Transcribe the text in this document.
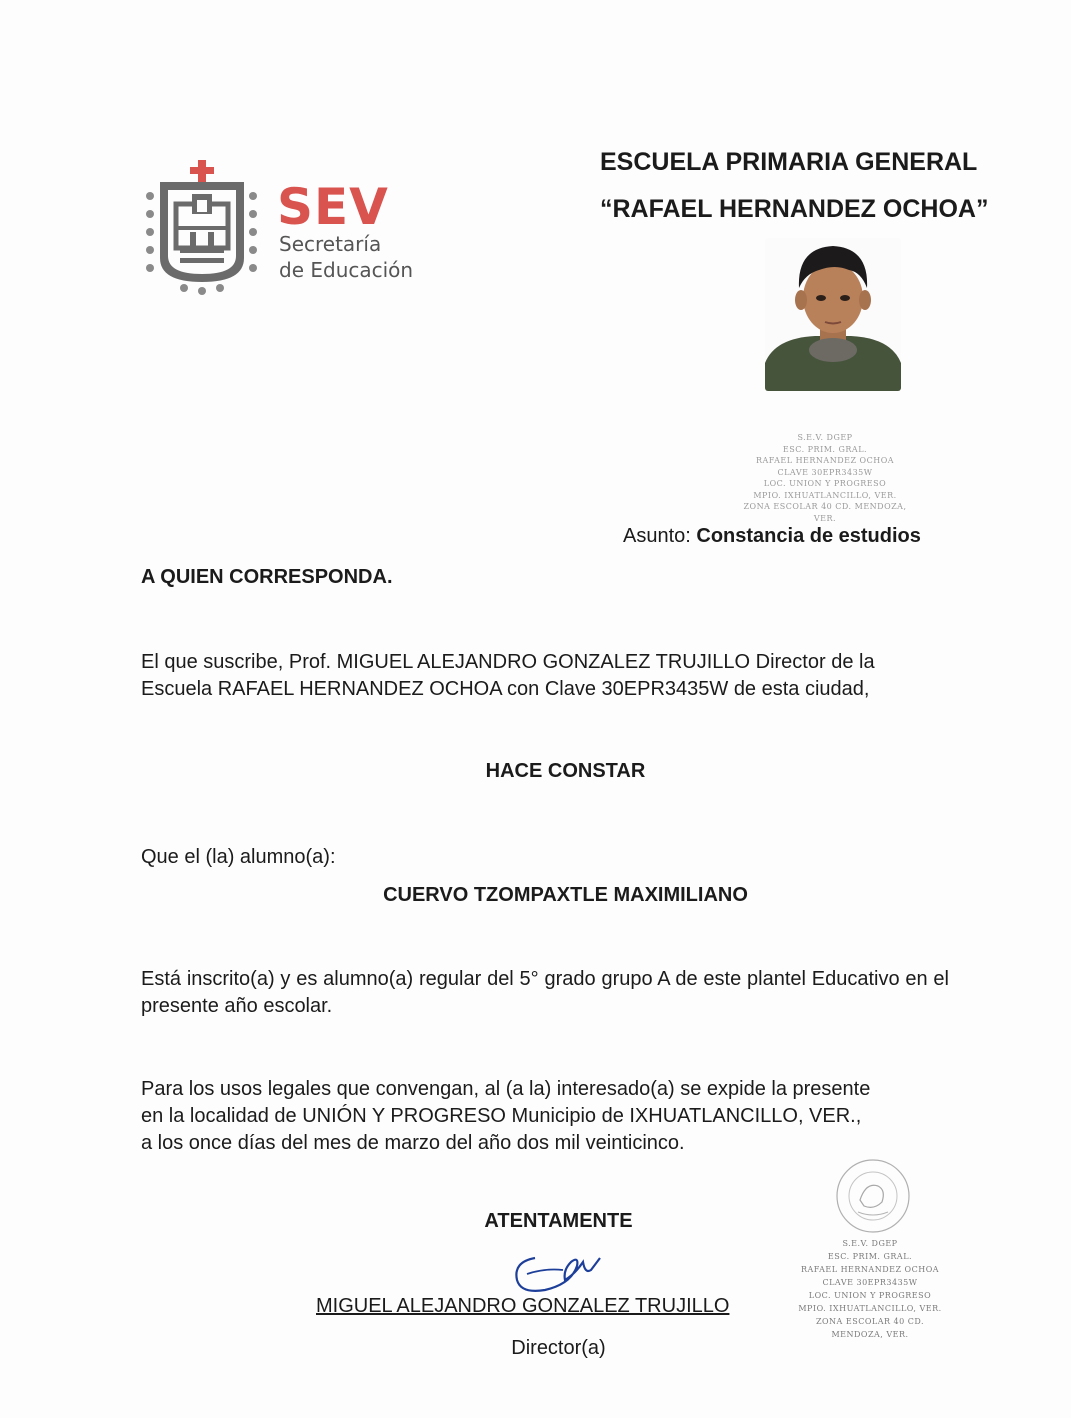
SEV
Secretaría
de Educación
ESCUELA PRIMARIA GENERAL
“RAFAEL HERNANDEZ OCHOA”
S.E.V. DGEP
ESC. PRIM. GRAL.
RAFAEL HERNANDEZ OCHOA
CLAVE 30EPR3435W
LOC. UNION Y PROGRESO
MPIO. IXHUATLANCILLO, VER.
ZONA ESCOLAR 40 CD. MENDOZA, VER.
Asunto: Constancia de estudios
A QUIEN CORRESPONDA.
El que suscribe, Prof. MIGUEL ALEJANDRO GONZALEZ TRUJILLO Director de la Escuela RAFAEL HERNANDEZ OCHOA con Clave 30EPR3435W de esta ciudad,
HACE CONSTAR
Que el (la) alumno(a):
CUERVO TZOMPAXTLE MAXIMILIANO
Está inscrito(a) y es alumno(a) regular del 5° grado grupo A de este plantel Educativo en el presente año escolar.
Para los usos legales que convengan, al (a la) interesado(a) se expide la presente
en la localidad de UNIÓN Y PROGRESO Municipio de IXHUATLANCILLO, VER.,
a los once días del mes de marzo del año dos mil veinticinco.
ATENTAMENTE
MIGUEL ALEJANDRO GONZALEZ TRUJILLO
Director(a)
S.E.V. DGEP
ESC. PRIM. GRAL.
RAFAEL HERNANDEZ OCHOA
CLAVE 30EPR3435W
LOC. UNION Y PROGRESO
MPIO. IXHUATLANCILLO, VER.
ZONA ESCOLAR 40 CD. MENDOZA, VER.
